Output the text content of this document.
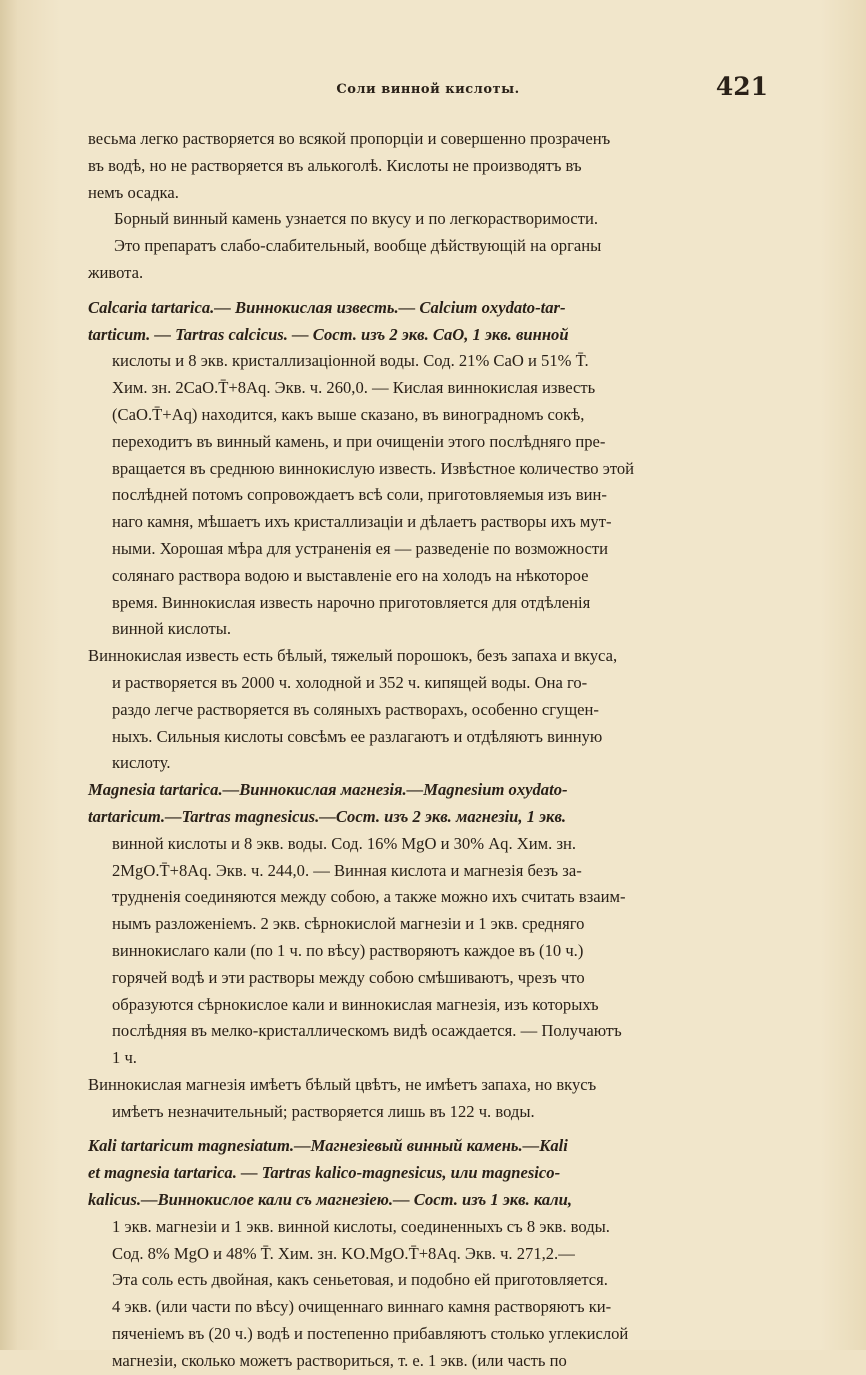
Соли винной кислоты.	421
весьма легко растворяется во всякой пропорціи и совершенно прозраченъ
въ водѣ, но не растворяется въ алькоголѣ. Кислоты не производятъ въ
немъ осадка.
Борный винный камень узнается по вкусу и по легкорастворимости.
Это препаратъ слабо-слабительный, вообще дѣйствующій на органы
живота.
Calcaria tartarica.— Виннокислая известь.— Calcium oxydato-tar-
tarticum. — Tartras calcicus. — Сост. изъ 2 экв. CaO, 1 экв. винной
кислоты и 8 экв. кристаллизаціонной воды. Сод. 21% CaO и 51% T̄.
Хим. зн. 2CaO.T̄+8Aq. Экв. ч. 260,0. — Кислая виннокислая известь
(CaO.T̄+Aq) находится, какъ выше сказано, въ виноградномъ сокѣ,
переходитъ въ винный камень, и при очищеніи этого послѣдняго пре-
вращается въ среднюю виннокислую известь. Извѣстное количество этой
послѣдней потомъ сопровождаетъ всѣ соли, приготовляемыя изъ вин-
наго камня, мѣшаетъ ихъ кристаллизаціи и дѣлаетъ растворы ихъ мут-
ными. Хорошая мѣра для устраненія ея — разведеніе по возможности
солянаго раствора водою и выставленіе его на холодъ на нѣкоторое
время. Виннокислая известь нарочно приготовляется для отдѣленія
винной кислоты.
Виннокислая известь есть бѣлый, тяжелый порошокъ, безъ запаха и вкуса,
и растворяется въ 2000 ч. холодной и 352 ч. кипящей воды. Она го-
раздо легче растворяется въ соляныхъ растворахъ, особенно сгущен-
ныхъ. Сильныя кислоты совсѣмъ ее разлагаютъ и отдѣляютъ винную
кислоту.
Magnesia tartarica.—Виннокислая магнезія.—Magnesium oxydato-
tartaricum.—Tartras magnesicus.—Сост. изъ 2 экв. магнезіи, 1 экв.
винной кислоты и 8 экв. воды. Сод. 16% MgO и 30% Aq. Хим. зн.
2MgO.T̄+8Aq. Экв. ч. 244,0. — Винная кислота и магнезія безъ за-
трудненія соединяются между собою, а также можно ихъ считать взаим-
нымъ разложеніемъ. 2 экв. сѣрнокислой магнезіи и 1 экв. средняго
виннокислаго кали (по 1 ч. по вѣсу) растворяютъ каждое въ (10 ч.)
горячей водѣ и эти растворы между собою смѣшиваютъ, чрезъ что
образуются сѣрнокислое кали и виннокислая магнезія, изъ которыхъ
послѣдняя въ мелко-кристаллическомъ видѣ осаждается. — Получаютъ
1 ч.
Виннокислая магнезія имѣетъ бѣлый цвѣтъ, не имѣетъ запаха, но вкусъ
имѣетъ незначительный; растворяется лишь въ 122 ч. воды.
Kali tartaricum magnesiatum.—Магнезіевый винный камень.—Kali
et magnesia tartarica. — Tartras kalico-magnesicus, или magnesico-
kalicus.—Виннокислое кали съ магнезіею.— Сост. изъ 1 экв. кали,
1 экв. магнезіи и 1 экв. винной кислоты, соединенныхъ съ 8 экв. воды.
Сод. 8% MgO и 48% T̄. Хим. зн. KO.MgO.T̄+8Aq. Экв. ч. 271,2.—
Эта соль есть двойная, какъ сеньетовая, и подобно ей приготовляется.
4 экв. (или части по вѣсу) очищеннаго виннаго камня растворяютъ ки-
пяченіемъ въ (20 ч.) водѣ и постепенно прибавляютъ столько углекислой
магнезіи, сколько можетъ раствориться, т. е. 1 экв. (или часть по
